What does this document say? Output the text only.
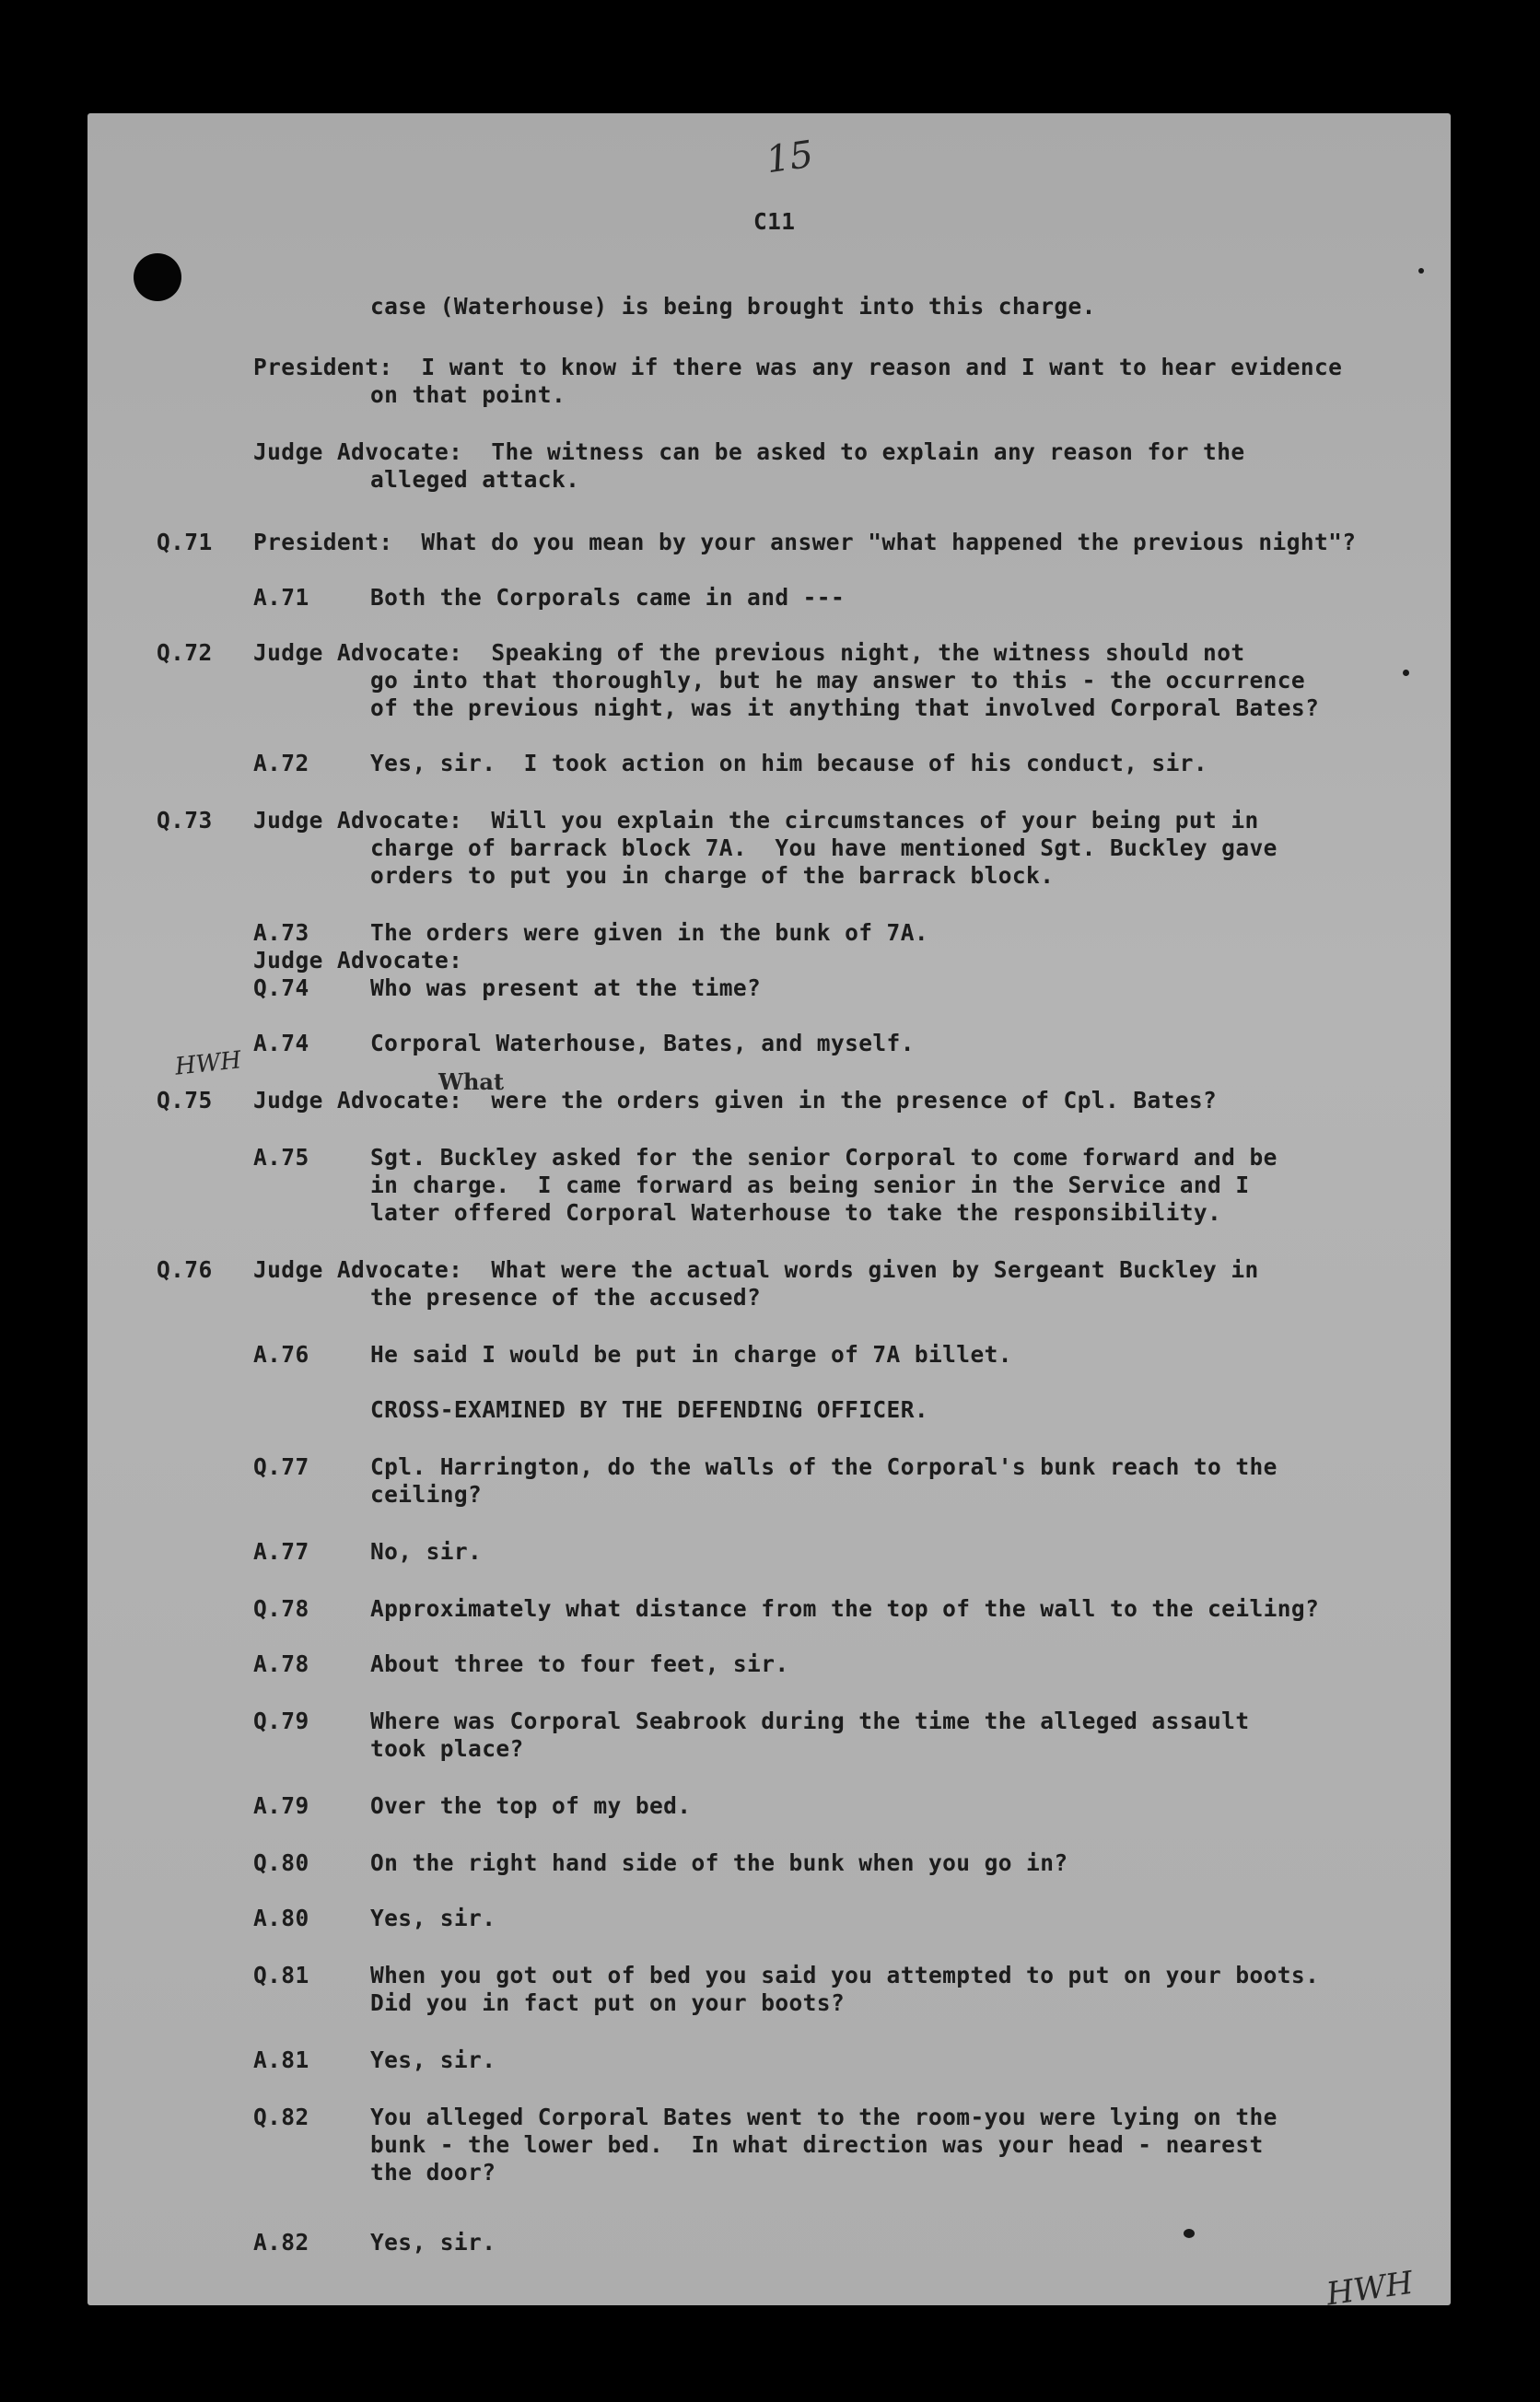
15
C11
HWH
What
HWH
case (Waterhouse) is being brought into this charge.
President: I want to know if there was any reason and I want to hear evidence
on that point.
Judge Advocate: The witness can be asked to explain any reason for the
alleged attack.
Q.71 President: What do you mean by your answer "what happened the previous night"?
A.71	Both the Corporals came in and ---
Q.72 Judge Advocate: Speaking of the previous night, the witness should not
go into that thoroughly, but he may answer to this - the occurrence
of the previous night, was it anything that involved Corporal Bates?
A.72	Yes, sir.  I took action on him because of his conduct, sir.
Q.73 Judge Advocate: Will you explain the circumstances of your being put in
charge of barrack block 7A.  You have mentioned Sgt. Buckley gave
orders to put you in charge of the barrack block.
A.73	The orders were given in the bunk of 7A.
Judge Advocate:
Q.74	Who was present at the time?
A.74	Corporal Waterhouse, Bates, and myself.
Q.75 Judge Advocate: were the orders given in the presence of Cpl. Bates?
A.75	Sgt. Buckley asked for the senior Corporal to come forward and be
in charge.  I came forward as being senior in the Service and I
later offered Corporal Waterhouse to take the responsibility.
Q.76 Judge Advocate: What were the actual words given by Sergeant Buckley in
the presence of the accused?
A.76	He said I would be put in charge of 7A billet.
CROSS-EXAMINED BY THE DEFENDING OFFICER.
Q.77	Cpl. Harrington, do the walls of the Corporal's bunk reach to the
ceiling?
A.77	No, sir.
Q.78	Approximately what distance from the top of the wall to the ceiling?
A.78	About three to four feet, sir.
Q.79	Where was Corporal Seabrook during the time the alleged assault
took place?
A.79	Over the top of my bed.
Q.80	On the right hand side of the bunk when you go in?
A.80	Yes, sir.
Q.81	When you got out of bed you said you attempted to put on your boots.
Did you in fact put on your boots?
A.81	Yes, sir.
Q.82	You alleged Corporal Bates went to the room-you were lying on the
bunk - the lower bed.  In what direction was your head - nearest
the door?
A.82	Yes, sir.
